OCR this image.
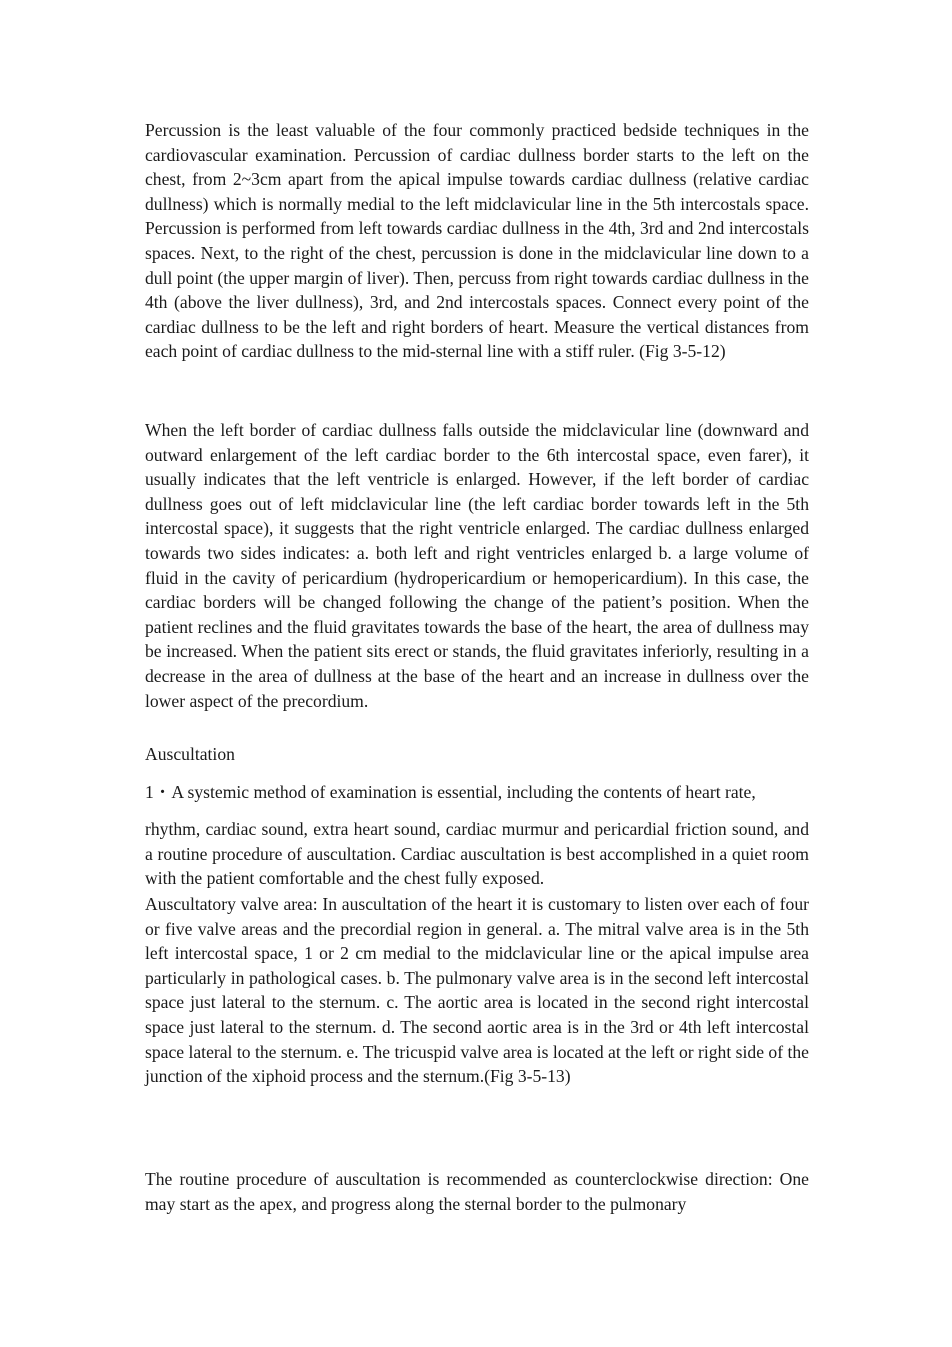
Percussion is the least valuable of the four commonly practiced bedside techniques in the cardiovascular examination. Percussion of cardiac dullness border starts to the left on the chest, from 2~3cm apart from the apical impulse towards cardiac dullness (relative cardiac dullness) which is normally medial to the left midclavicular line in the 5th intercostals space. Percussion is performed from left towards cardiac dullness in the 4th, 3rd and 2nd intercostals spaces. Next, to the right of the chest, percussion is done in the midclavicular line down to a dull point (the upper margin of liver). Then, percuss from right towards cardiac dullness in the 4th (above the liver dullness), 3rd, and 2nd intercostals spaces. Connect every point of the cardiac dullness to be the left and right borders of heart. Measure the vertical distances from each point of cardiac dullness to the mid-sternal line with a stiff ruler. (Fig 3-5-12)

When the left border of cardiac dullness falls outside the midclavicular line (downward and outward enlargement of the left cardiac border to the 6th intercostal space, even farer), it usually indicates that the left ventricle is enlarged. However, if the left border of cardiac dullness goes out of left midclavicular line (the left cardiac border towards left in the 5th intercostal space), it suggests that the right ventricle enlarged. The cardiac dullness enlarged towards two sides indicates: a. both left and right ventricles enlarged b. a large volume of fluid in the cavity of pericardium (hydropericardium or hemopericardium). In this case, the cardiac borders will be changed following the change of the patient’s position. When the patient reclines and the fluid gravitates towards the base of the heart, the area of dullness may be increased. When the patient sits erect or stands, the fluid gravitates inferiorly, resulting in a decrease in the area of dullness at the base of the heart and an increase in dullness over the lower aspect of the precordium.

Auscultation

1・A systemic method of examination is essential, including the contents of heart rate,

rhythm, cardiac sound, extra heart sound, cardiac murmur and pericardial friction sound, and a routine procedure of auscultation. Cardiac auscultation is best accomplished in a quiet room with the patient comfortable and the chest fully exposed.

Auscultatory valve area: In auscultation of the heart it is customary to listen over each of four or five valve areas and the precordial region in general. a. The mitral valve area is in the 5th left intercostal space, 1 or 2 cm medial to the midclavicular line or the apical impulse area particularly in pathological cases. b. The pulmonary valve area is in the second left intercostal space just lateral to the sternum. c. The aortic area is located in the second right intercostal space just lateral to the sternum. d. The second aortic area is in the 3rd or 4th left intercostal space lateral to the sternum. e. The tricuspid valve area is located at the left or right side of the junction of the xiphoid process and the sternum.(Fig 3-5-13)

The routine procedure of auscultation is recommended as counterclockwise direction: One may start as the apex, and progress along the sternal border to the pulmonary
